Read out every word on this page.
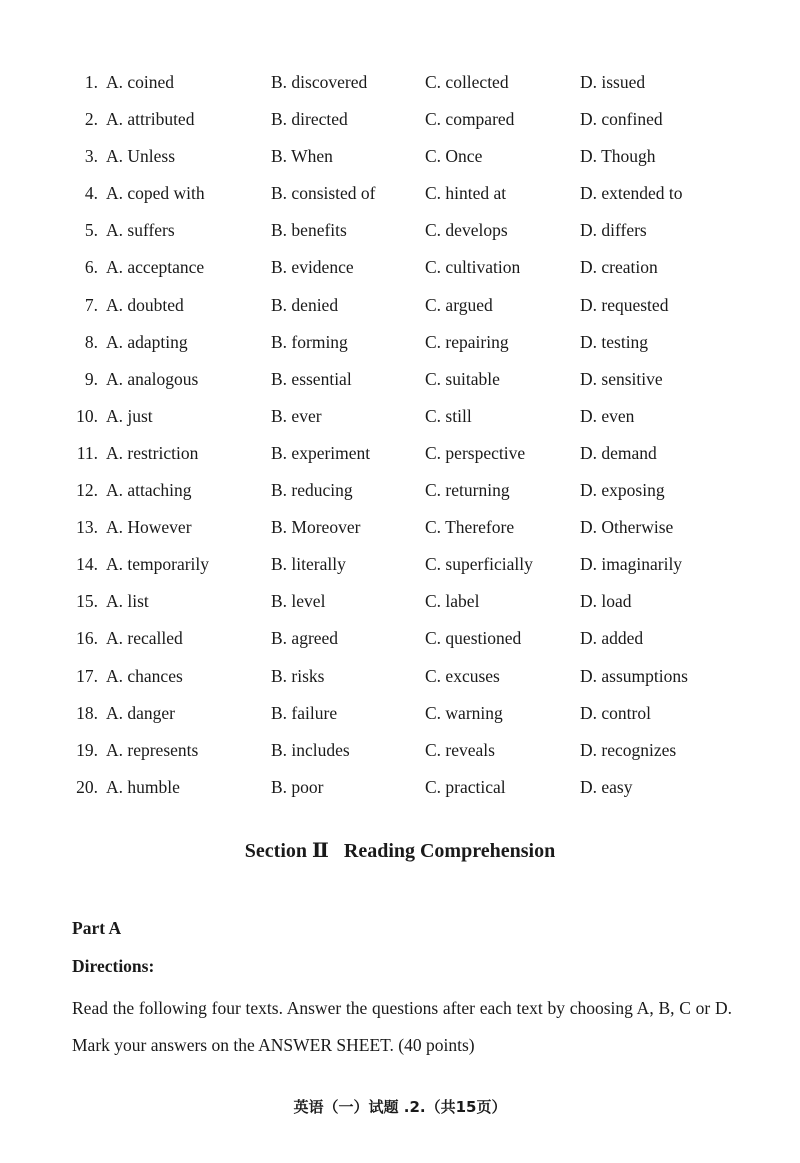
1. A. coined	B. discovered	C. collected	D. issued
2. A. attributed	B. directed	C. compared	D. confined
3. A. Unless	B. When	C. Once	D. Though
4. A. coped with	B. consisted of	C. hinted at	D. extended to
5. A. suffers	B. benefits	C. develops	D. differs
6. A. acceptance	B. evidence	C. cultivation	D. creation
7. A. doubted	B. denied	C. argued	D. requested
8. A. adapting	B. forming	C. repairing	D. testing
9. A. analogous	B. essential	C. suitable	D. sensitive
10. A. just	B. ever	C. still	D. even
11. A. restriction	B. experiment	C. perspective	D. demand
12. A. attaching	B. reducing	C. returning	D. exposing
13. A. However	B. Moreover	C. Therefore	D. Otherwise
14. A. temporarily	B. literally	C. superficially	D. imaginarily
15. A. list	B. level	C. label	D. load
16. A. recalled	B. agreed	C. questioned	D. added
17. A. chances	B. risks	C. excuses	D. assumptions
18. A. danger	B. failure	C. warning	D. control
19. A. represents	B. includes	C. reveals	D. recognizes
20. A. humble	B. poor	C. practical	D. easy
Section Ⅱ   Reading Comprehension
Part A
Directions:
Read the following four texts. Answer the questions after each text by choosing A, B, C or D. Mark your answers on the ANSWER SHEET. (40 points)
英语（一）试题 .2.（共15页）
